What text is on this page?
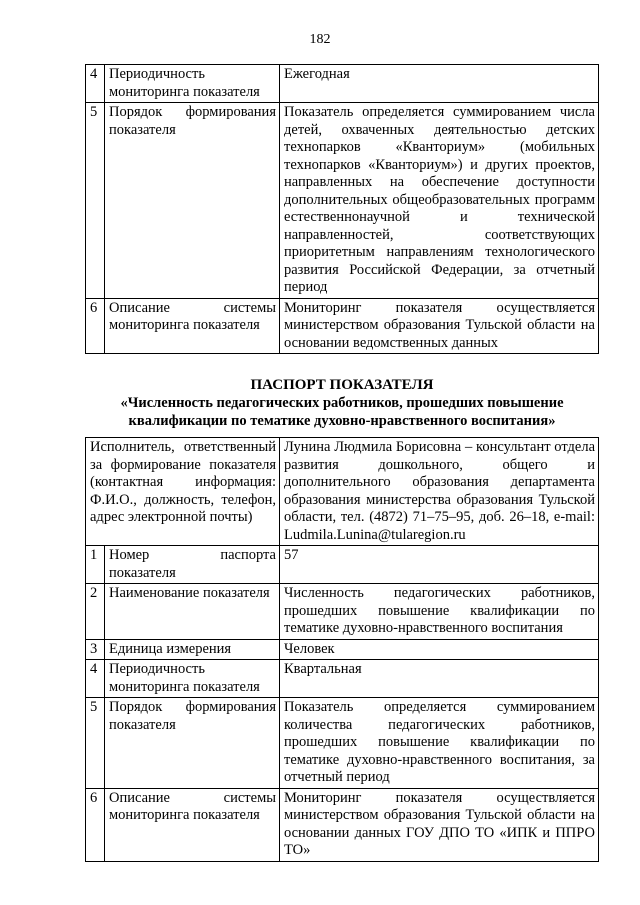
182
4	Периодичность мониторинга показателя	Ежегодная
5	Порядок формирования показателя	Показатель определяется суммированием числа детей, охваченных деятельностью детских технопарков «Кванториум» (мобильных технопарков «Кванториум») и других проектов, направленных на обеспечение доступности дополнительных общеобразовательных программ естественнонаучной и технической направленностей, соответствующих приоритетным направлениям технологического развития Российской Федерации, за отчетный период
6	Описание системы мониторинга показателя	Мониторинг показателя осуществляется министерством образования Тульской области на основании ведомственных данных
ПАСПОРТ ПОКАЗАТЕЛЯ
«Численность педагогических работников, прошедших повышение квалификации по тематике духовно-нравственного воспитания»
Исполнитель, ответственный за формирование показателя (контактная информация: Ф.И.О., должность, телефон, адрес электронной почты)		Лунина Людмила Борисовна – консультант отдела развития дошкольного, общего и дополнительного образования департамента образования министерства образования Тульской области, тел. (4872) 71–75–95, доб. 26–18, e-mail: Ludmila.Lunina@tularegion.ru
1	Номер паспорта показателя	57
2	Наименование показателя	Численность педагогических работников, прошедших повышение квалификации по тематике духовно-нравственного воспитания
3	Единица измерения	Человек
4	Периодичность мониторинга показателя	Квартальная
5	Порядок формирования показателя	Показатель определяется суммированием количества педагогических работников, прошедших повышение квалификации по тематике духовно-нравственного воспитания, за отчетный период
6	Описание системы мониторинга показателя	Мониторинг показателя осуществляется министерством образования Тульской области на основании данных ГОУ ДПО ТО «ИПК и ППРО ТО»
